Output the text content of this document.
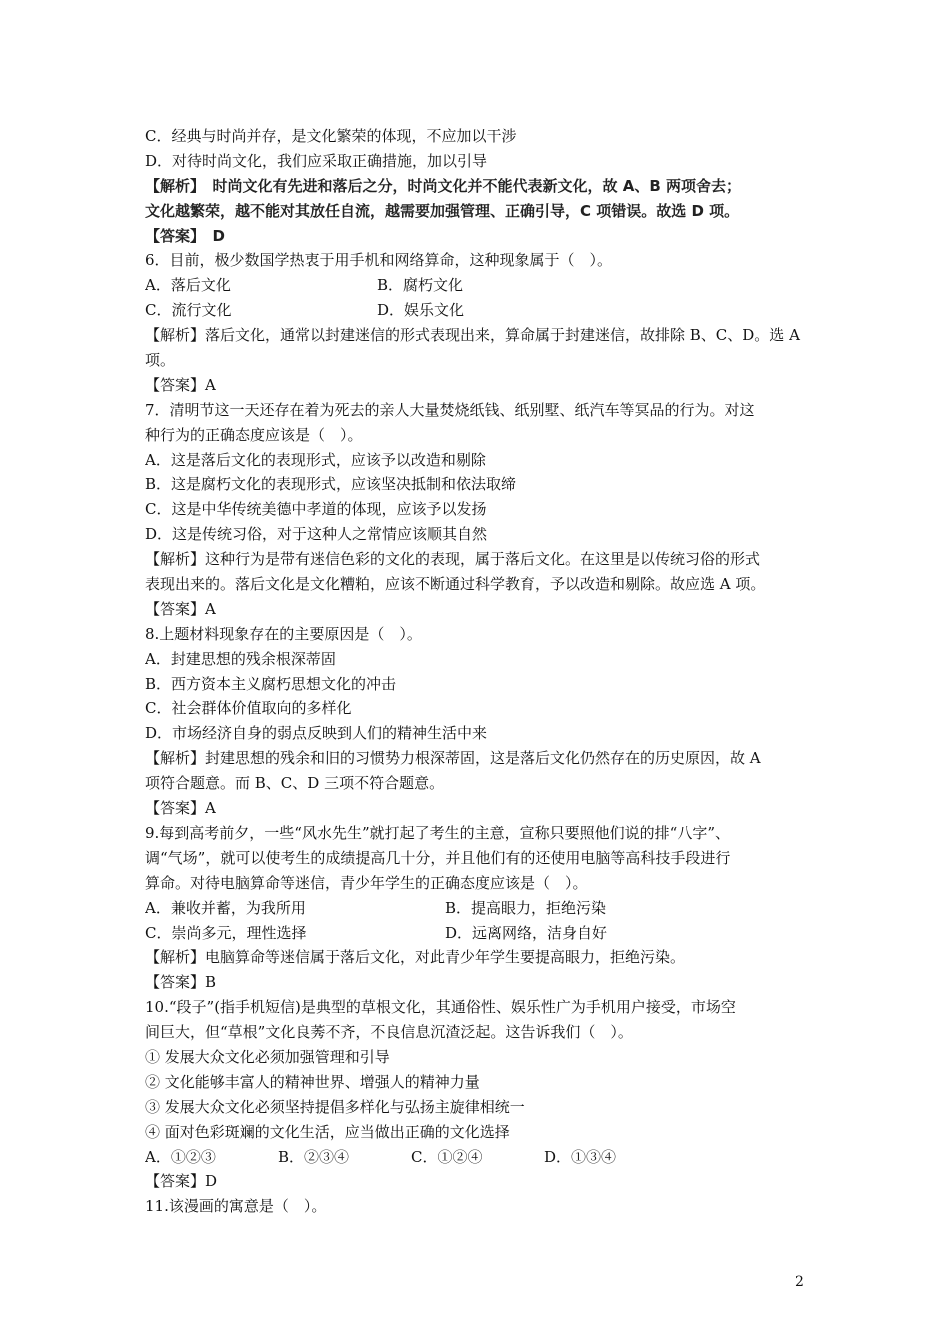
C．经典与时尚并存，是文化繁荣的体现，不应加以干涉
D．对待时尚文化，我们应采取正确措施，加以引导
【解析】　时尚文化有先进和落后之分，时尚文化并不能代表新文化，故 A、B 两项舍去；
文化越繁荣，越不能对其放任自流，越需要加强管理、正确引导，C 项错误。故选 D 项。
【答案】　D
6．目前，极少数国学热衷于用手机和网络算命，这种现象属于（　）。
A．落后文化	B．腐朽文化
C．流行文化	D．娱乐文化
【解析】落后文化，通常以封建迷信的形式表现出来，算命属于封建迷信，故排除 B、C、D。选 A
项。
【答案】A
7．清明节这一天还存在着为死去的亲人大量焚烧纸钱、纸别墅、纸汽车等冥品的行为。对这
种行为的正确态度应该是（　）。
A．这是落后文化的表现形式，应该予以改造和剔除
B．这是腐朽文化的表现形式，应该坚决抵制和依法取缔
C．这是中华传统美德中孝道的体现，应该予以发扬
D．这是传统习俗，对于这种人之常情应该顺其自然
【解析】这种行为是带有迷信色彩的文化的表现，属于落后文化。在这里是以传统习俗的形式
表现出来的。落后文化是文化糟粕，应该不断通过科学教育，予以改造和剔除。故应选 A 项。
【答案】A
8.上题材料现象存在的主要原因是（　）。
A．封建思想的残余根深蒂固
B．西方资本主义腐朽思想文化的冲击
C．社会群体价值取向的多样化
D．市场经济自身的弱点反映到人们的精神生活中来
【解析】封建思想的残余和旧的习惯势力根深蒂固，这是落后文化仍然存在的历史原因，故 A
项符合题意。而 B、C、D 三项不符合题意。
【答案】A
9.每到高考前夕，一些“风水先生”就打起了考生的主意，宣称只要照他们说的排“八字”、
调“气场”，就可以使考生的成绩提高几十分，并且他们有的还使用电脑等高科技手段进行
算命。对待电脑算命等迷信，青少年学生的正确态度应该是（　）。
A．兼收并蓄，为我所用	B．提高眼力，拒绝污染
C．崇尚多元，理性选择	D．远离网络，洁身自好
【解析】电脑算命等迷信属于落后文化，对此青少年学生要提高眼力，拒绝污染。
【答案】B
10.“段子”(指手机短信)是典型的草根文化，其通俗性、娱乐性广为手机用户接受，市场空
间巨大，但“草根”文化良莠不齐，不良信息沉渣泛起。这告诉我们（　）。
① 发展大众文化必须加强管理和引导
② 文化能够丰富人的精神世界、增强人的精神力量
③ 发展大众文化必须坚持提倡多样化与弘扬主旋律相统一
④ 面对色彩斑斓的文化生活，应当做出正确的文化选择
A．①②③	B．②③④	C．①②④	D．①③④
【答案】D
11.该漫画的寓意是（　）。
2
